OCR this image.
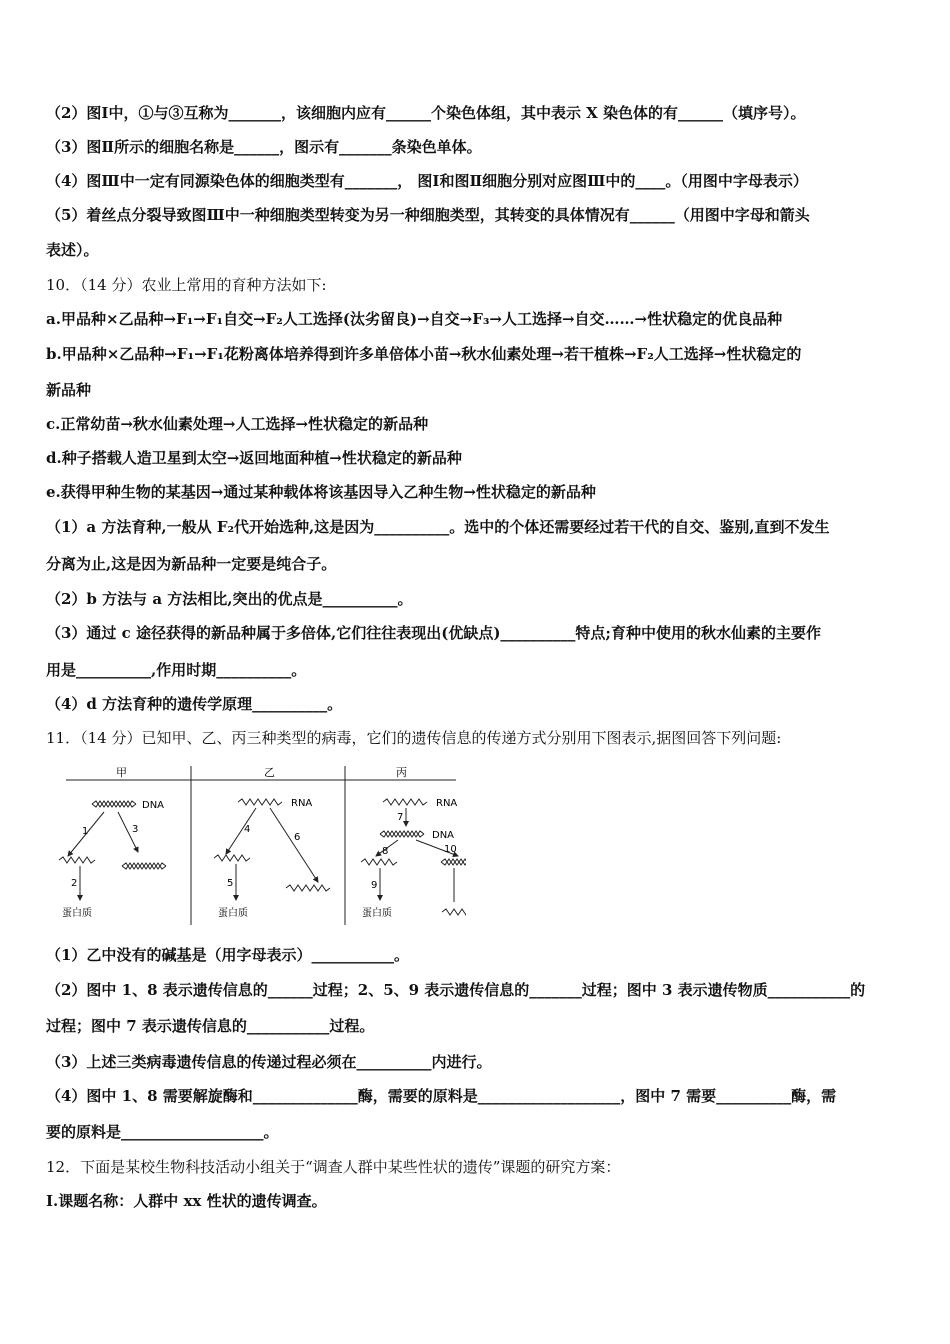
（2）图Ⅰ中，①与③互称为_______，该细胞内应有______个染色体组，其中表示 X 染色体的有______（填序号）。
（3）图Ⅱ所示的细胞名称是______，图示有_______条染色单体。
（4）图Ⅲ中一定有同源染色体的细胞类型有_______， 图Ⅰ和图Ⅱ细胞分别对应图Ⅲ中的____。（用图中字母表示）
（5）着丝点分裂导致图Ⅲ中一种细胞类型转变为另一种细胞类型，其转变的具体情况有______（用图中字母和箭头
表述）。
10．（14 分）农业上常用的育种方法如下:
a.甲品种×乙品种→F₁→F₁自交→F₂人工选择(汰劣留良)→自交→F₃→人工选择→自交……→性状稳定的优良品种
b.甲品种×乙品种→F₁→F₁花粉离体培养得到许多单倍体小苗→秋水仙素处理→若干植株→F₂人工选择→性状稳定的
新品种
c.正常幼苗→秋水仙素处理→人工选择→性状稳定的新品种
d.种子搭载人造卫星到太空→返回地面种植→性状稳定的新品种
e.获得甲种生物的某基因→通过某种载体将该基因导入乙种生物→性状稳定的新品种
（1）a 方法育种,一般从 F₂代开始选种,这是因为__________。选中的个体还需要经过若干代的自交、鉴别,直到不发生
分离为止,这是因为新品种一定要是纯合子。
（2）b 方法与 a 方法相比,突出的优点是__________。
（3）通过 c 途径获得的新品种属于多倍体,它们往往表现出(优缺点)__________特点;育种中使用的秋水仙素的主要作
用是__________,作用时期__________。
（4）d 方法育种的遗传学原理__________。
11．（14 分）已知甲、乙、丙三种类型的病毒，它们的遗传信息的传递方式分别用下图表示,据图回答下列问题:
甲	乙	丙
DNA
1	3
2
蛋白质
RNA
4
6
5
蛋白质
RNA
7
DNA
8	10
9
蛋白质
（1）乙中没有的碱基是（用字母表示）___________。
（2）图中 1、8 表示遗传信息的______过程；2、5、9 表示遗传信息的_______过程；图中 3 表示遗传物质___________的
过程；图中 7 表示遗传信息的___________过程。
（3）上述三类病毒遗传信息的传递过程必须在__________内进行。
（4）图中 1、8 需要解旋酶和______________酶，需要的原料是___________________，图中 7 需要__________酶，需
要的原料是___________________。
12．下面是某校生物科技活动小组关于“调查人群中某些性状的遗传”课题的研究方案：
I.课题名称：人群中 xx 性状的遗传调查。
